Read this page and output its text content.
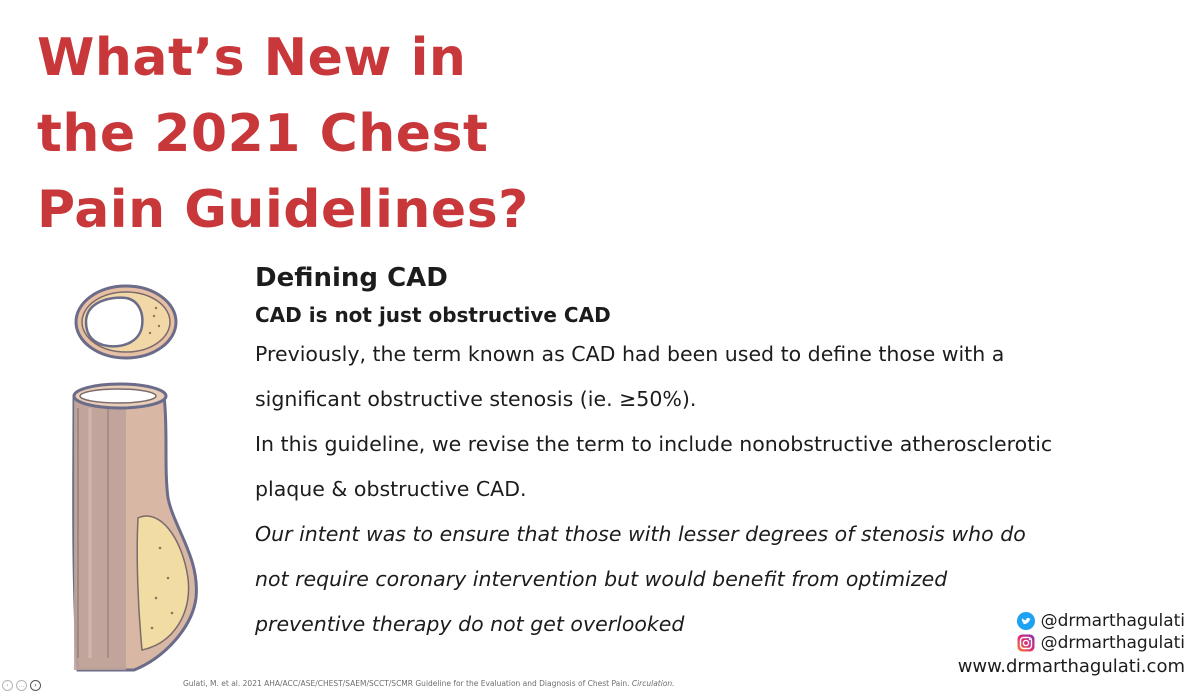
What’s New in
the 2021 Chest
Pain Guidelines?
Defining CAD
CAD is not just obstructive CAD
Previously, the term known as CAD had been used to define those with a
significant obstructive stenosis (ie. ≥50%).
In this guideline, we revise the term to include nonobstructive atherosclerotic
plaque & obstructive CAD.
Our intent was to ensure that those with lesser degrees of stenosis who do
not require coronary intervention but would benefit from optimized
preventive therapy do not get overlooked	@drmarthagulati
@drmarthagulati
www.drmarthagulati.com
Gulati, M. et al. 2021 AHA/ACC/ASE/CHEST/SAEM/SCCT/SCMR Guideline for the Evaluation and Diagnosis of Chest Pain. Circulation.
‹	…	›
